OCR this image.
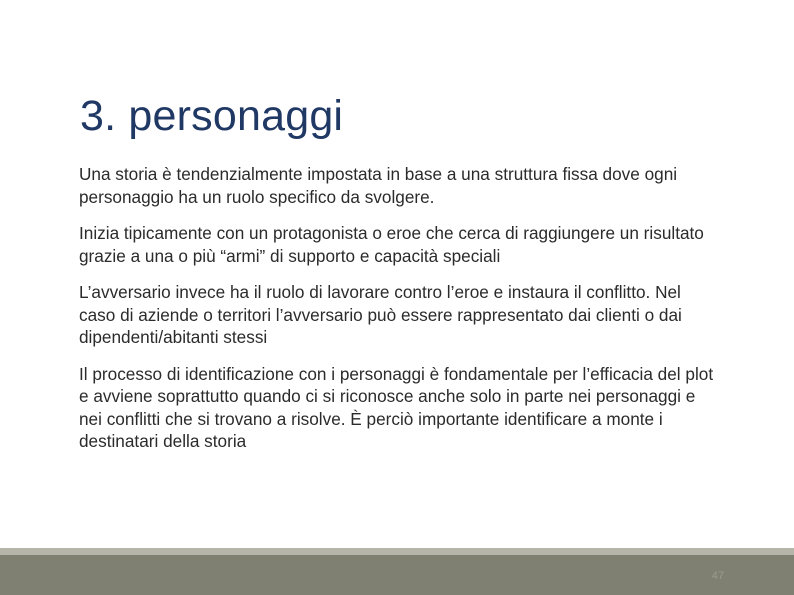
3. personaggi

Una storia è tendenzialmente impostata in base a una struttura fissa dove ogni personaggio ha un ruolo specifico da svolgere.

Inizia tipicamente con un protagonista o eroe che cerca di raggiungere un risultato grazie a una o più “armi” di supporto e capacità speciali

L’avversario invece ha il ruolo di lavorare contro l’eroe e instaura il conflitto. Nel caso di aziende o territori l’avversario può essere rappresentato dai clienti o dai dipendenti/abitanti stessi

Il processo di identificazione con i personaggi è fondamentale per l’efficacia del plot e avviene soprattutto quando ci si riconosce anche solo in parte nei personaggi e nei conflitti che si trovano a risolve. È perciò importante identificare a monte i destinatari della storia

47
